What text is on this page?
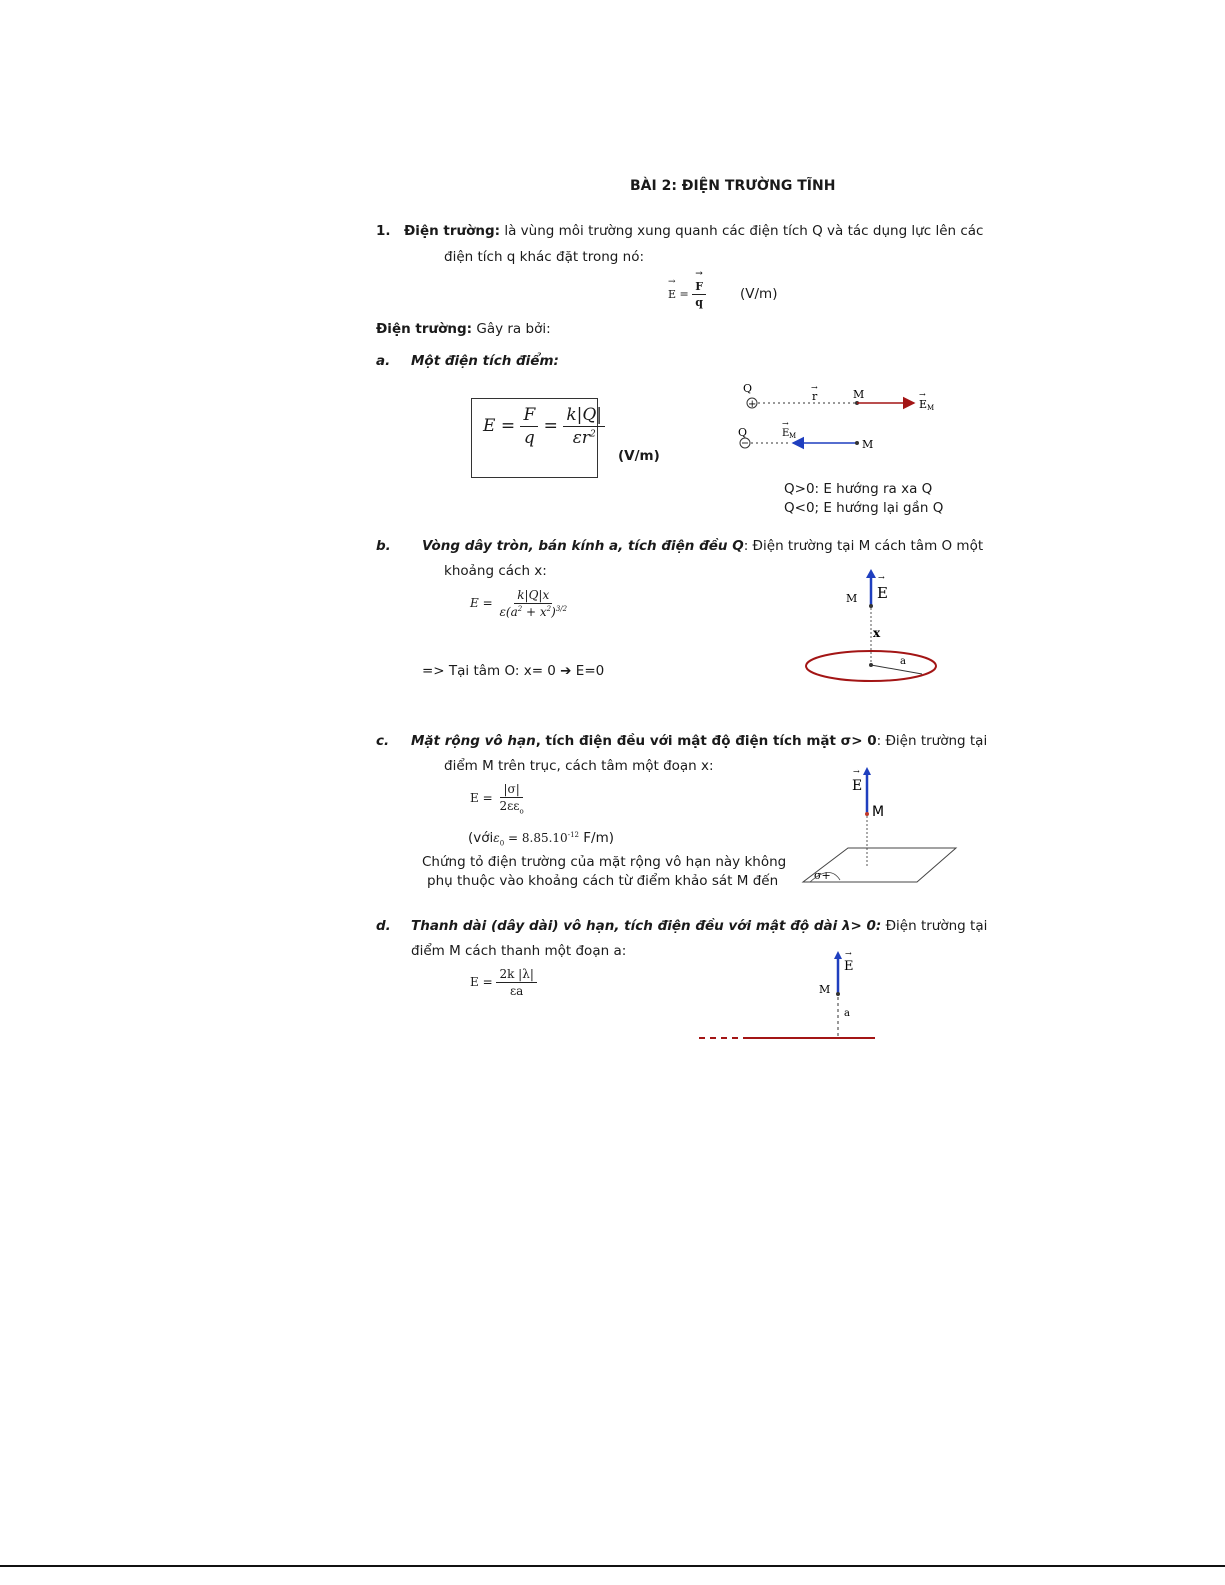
BÀI 2: ĐIỆN TRƯỜNG TĨNH
1. Điện trường: là vùng môi trường xung quanh các điện tích Q và tác dụng lực lên các
điện tích q khác đặt trong nó:
→ E =
→ $\frac{F}{q}$	(V/m)
Điện trường: Gây ra bởi:
a. Một điện tích điểm:
$E = \frac{F}{q} = \frac{k|Q|}{\varepsilon r^2}$
(V/m)
Q
+
r
→
M
E M
→
Q	E M
→
M
Q>0: E hướng ra xa Q
Q<0; E hướng lại gần Q
b. Vòng dây tròn, bán kính a, tích điện đều Q: Điện trường tại M cách tâm O một
khoảng cách x:
$E = \frac{k|Q|x}{\varepsilon(a^2 + x^2)^{3/2}}$
=> Tại tâm O: x= 0 ➔ E=0
M E
→
x
a
c. Mặt rộng vô hạn, tích điện đều với mật độ điện tích mặt σ> 0: Điện trường tại
điểm M trên trục, cách tâm một đoạn x:
$E = \frac{|\sigma|}{2\varepsilon\varepsilon_o}$
(vớiε$_0$ = $8.85.10^{-12}$ F/m)
Chứng tỏ điện trường của mặt rộng vô hạn này không
phụ thuộc vào khoảng cách từ điểm khảo sát M đến
E
→
M
σ+
d. Thanh dài (dây dài) vô hạn, tích điện đều với mật độ dài λ> 0: Điện trường tại
điểm M cách thanh một đoạn a:
$E = \frac{2k |\lambda|}{\varepsilon a}$
E
→
M
a
